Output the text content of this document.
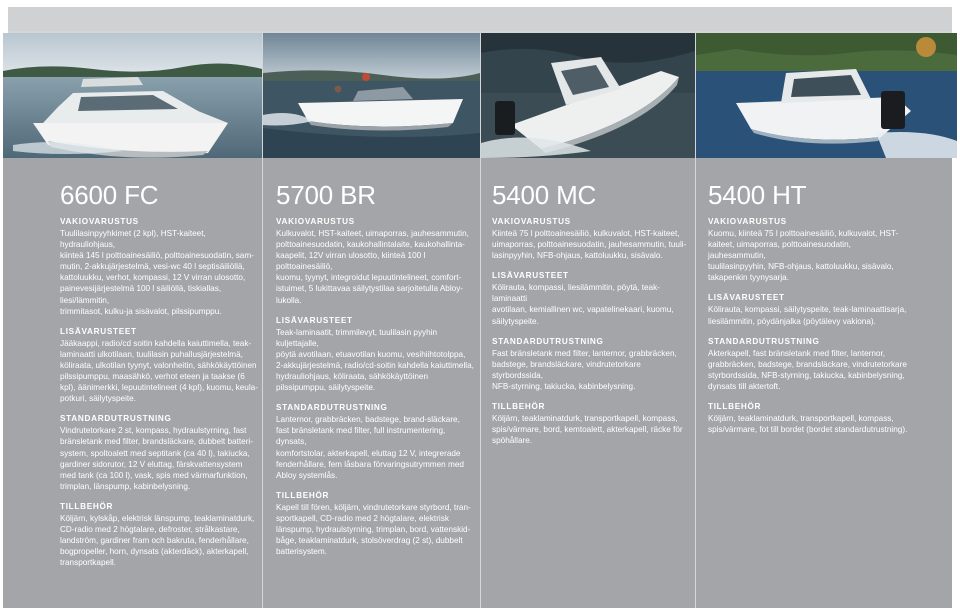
6600 FC
VAKIOVARUSTUS
Tuulilasinpyyhkimet (2 kpl), HST-kaiteet, hydrauliohjaus,
kiinteä 145 l polttoainesäiliö, polttoainesuodatin, sam-
mutin, 2-akkujärjestelmä, vesi-wc 40 l septisäiliöllä,
kattoluukku, verhot, kompassi, 12 V virran ulosotto,
painevesijärjestelmä 100 l säiliöllä, tiskiallas, liesi/lämmitin,
trimmitasot, kulku-ja sisävalot, pilssipumppu.
LISÄVARUSTEET
Jääkaappi, radio/cd soitin kahdella kaiuttimella, teak-
laminaatti ulkotilaan, tuulilasin puhallusjärjestelmä,
köliraata, ulkotilan tyynyt, valonheitin, sähkökäyttöinen
pilssipumppu, maasähkö, verhot eteen ja taakse (6
kpl), äänimerkki, lepuutintelineet (4 kpl), kuomu, keula-
potkuri, säilytyspeite.
STANDARDUTRUSTNING
Vindrutetorkare 2 st, kompass, hydraulstyrning, fast
bränsletank med filter, brandsläckare, dubbelt batteri-
system, spoltoalett med septitank (ca 40 l), takiucka,
gardiner sidorutor, 12 V eluttag, färskvattensystem
med tank (ca 100 l), vask, spis med värmarfunktion,
trimplan, länspump, kabinbelysning.
TILLBEHÖR
Köljärn, kylskåp, elektrisk länspump, teaklaminatdurk,
CD-radio med 2 högtalare, defroster, strålkastare,
landström, gardiner fram och bakruta, fenderhållare,
bogpropeller, horn, dynsats (akterdäck), akterkapell,
transportkapell.
5700 BR
VAKIOVARUSTUS
Kulkuvalot, HST-kaiteet, uimaporras, jauhesammutin,
polttoainesuodatin, kaukohallintalaite, kaukohallinta-
kaapelit, 12V virran ulosotto, kiinteä 100 l polttoainesäiliö,
kuomu, tyynyt, integroidut lepuutintelineet, comfort-
istuimet, 5 lukittavaa säilytystilaa sarjoitetulla Abloy-
lukolla.
LISÄVARUSTEET
Teak-laminaatit, trimmilevyt, tuulilasin pyyhin kuljettajalle,
pöytä avotilaan, etuavotilan kuomu, vesihiihtotolppa,
2-akkujärjestelmä, radio/cd-soitin kahdella kaiuttimella,
hydrauliohjaus, köliraata, sähkökäyttöinen
pilssipumppu, säilytyspeite.
STANDARDUTRUSTNING
Lanternor, grabbräcken, badstege, brand-släckare,
fast bränsletank med filter, full instrumentering, dynsats,
komfortstolar, akterkapell, eluttag 12 V, integrerade
fenderhållare, fem låsbara förvaringsutrymmen med
Abloy systemlås.
TILLBEHÖR
Kapell till fören, köljärn, vindrutetorkare styrbord, tran-
sportkapell, CD-radio med 2 högtalare, elektrisk
länspump, hydraulstyrning, trimplan, bord, vattenskid-
båge, teaklaminatdurk, stolsöverdrag (2 st), dubbelt
batterisystem.
5400 MC
VAKIOVARUSTUS
Kiinteä 75 l polttoainesäiliö, kulkuvalot, HST-kaiteet,
uimaporras, polttoainesuodatin, jauhesammutin, tuuli-
lasinpyyhin, NFB-ohjaus, kattoluukku, sisävalo.
LISÄVARUSTEET
Kölirauta, kompassi, liesilämmitin, pöytä, teak-laminaatti
avotilaan, kemiallinen wc, vapatelinekaari, kuomu,
säilytyspeite.
STANDARDUTRUSTNING
Fast bränsletank med filter, lanternor, grabbräcken,
badstege, brandsläckare, vindrutetorkare styrbordssida,
NFB-styrning, takiucka, kabinbelysning.
TILLBEHÖR
Köljärn, teaklaminatdurk, transportkapell, kompass,
spis/värmare, bord, kemtoalett, akterkapell, räcke för
spöhållare.
5400 HT
VAKIOVARUSTUS
Kuomu, kiinteä 75 l polttoainesäiliö, kulkuvalot, HST-
kaiteet, uimaporras, polttoainesuodatin, jauhesammutin,
tuulilasinpyyhin, NFB-ohjaus, kattoluukku, sisävalo,
takapenkin tyynysarja.
LISÄVARUSTEET
Kölirauta, kompassi, säilytyspeite, teak-laminaattisarja,
liesilämmitin, pöydänjalka (pöytälevy vakiona).
STANDARDUTRUSTNING
Akterkapell, fast bränsletank med filter, lanternor,
grabbräcken, badstege, brandsläckare, vindrutetorkare
styrbordssida, NFB-styrning, takiucka, kabinbelysning,
dynsats till aktertoft.
TILLBEHÖR
Köljärn, teaklaminatdurk, transportkapell, kompass,
spis/värmare, fot till bordet (bordet standardutrustning).
